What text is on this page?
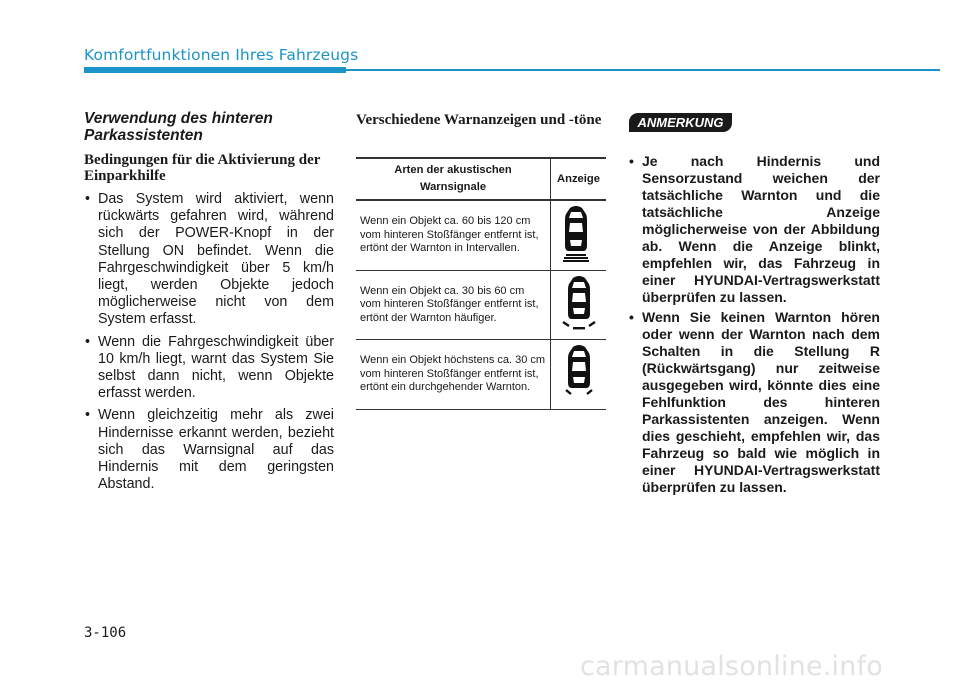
Komfortfunktionen Ihres Fahrzeugs
Verwendung des hinteren Parkassistenten
Bedingungen für die Aktivierung der Einparkhilfe
• Das System wird aktiviert, wenn rückwärts gefahren wird, während sich der POWER-Knopf in der Stellung ON befindet. Wenn die Fahrgeschwindigkeit über 5 km/h liegt, werden Objekte jedoch möglicherweise nicht von dem System erfasst.
• Wenn die Fahrgeschwindigkeit über 10 km/h liegt, warnt das System Sie selbst dann nicht, wenn Objekte erfasst werden.
• Wenn gleichzeitig mehr als zwei Hindernisse erkannt werden, bezieht sich das Warnsignal auf das Hindernis mit dem geringsten Abstand.
Verschiedene Warnanzeigen und -töne
Arten der akustischen Warnsignale	Anzeige
Wenn ein Objekt ca. 60 bis 120 cm vom hinteren Stoßfänger entfernt ist, ertönt der Warnton in Intervallen.	
Wenn ein Objekt ca. 30 bis 60 cm vom hinteren Stoßfänger entfernt ist, ertönt der Warnton häufiger.	
Wenn ein Objekt höchstens ca. 30 cm vom hinteren Stoßfänger entfernt ist, ertönt ein durchgehender Warnton.	
ANMERKUNG
• Je nach Hindernis und Sensorzustand weichen der tatsächliche Warnton und die tatsächliche Anzeige möglicherweise von der Abbildung ab. Wenn die Anzeige blinkt, empfehlen wir, das Fahrzeug in einer HYUNDAI-Vertragswerkstatt überprüfen zu lassen.
• Wenn Sie keinen Warnton hören oder wenn der Warnton nach dem Schalten in die Stellung R (Rückwärtsgang) nur zeitweise ausgegeben wird, könnte dies eine Fehlfunktion des hinteren Parkassistenten anzeigen. Wenn dies geschieht, empfehlen wir, das Fahrzeug so bald wie möglich in einer HYUNDAI-Vertragswerkstatt überprüfen zu lassen.
3-106
carmanualsonline.info
